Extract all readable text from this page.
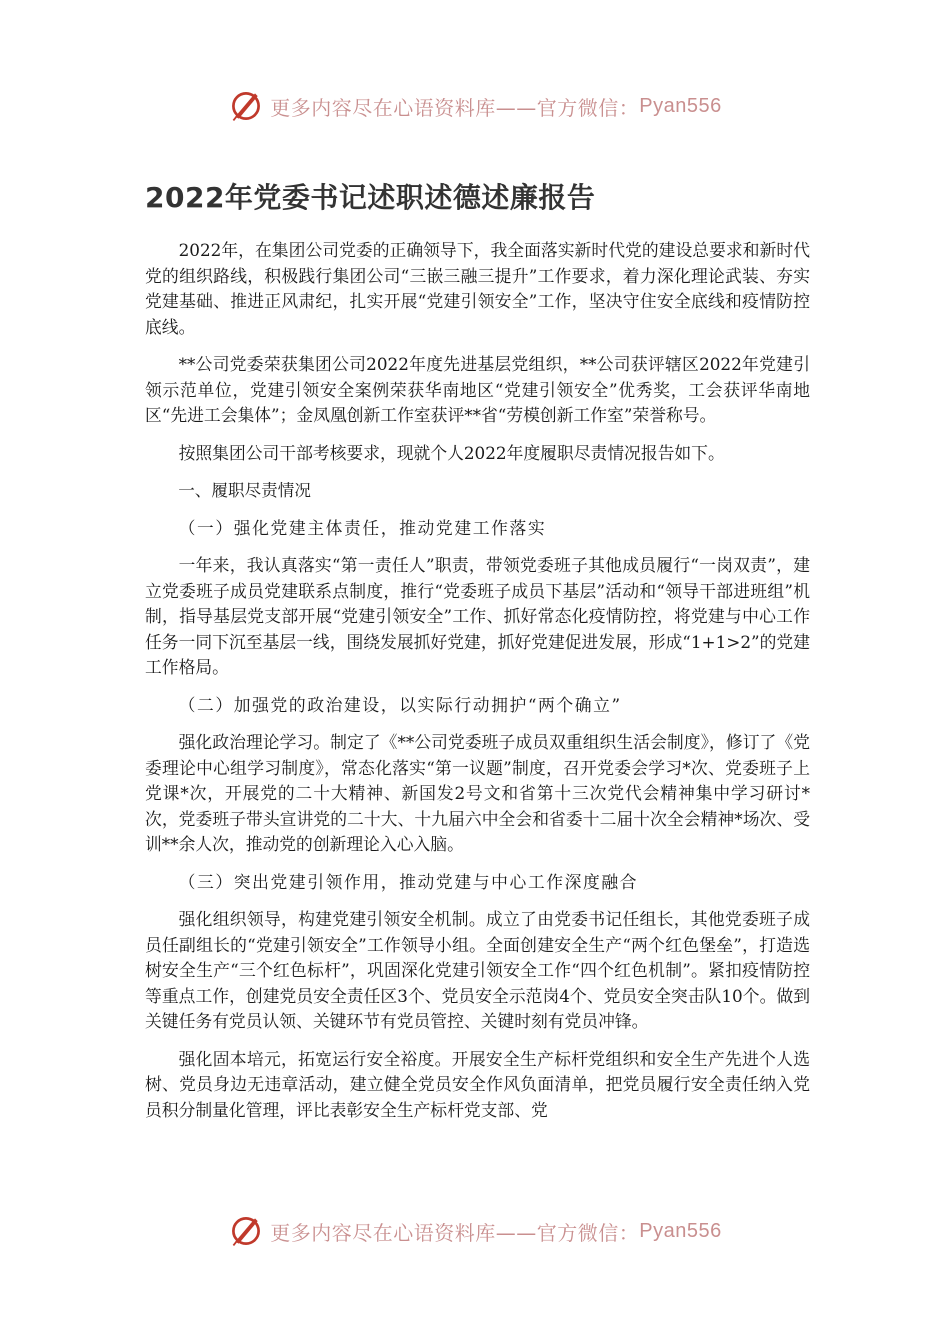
更多内容尽在心语资料库——官方微信： Pyan556
2022年党委书记述职述德述廉报告

2022年，在集团公司党委的正确领导下，我全面落实新时代党的建设总要求和新时代党的组织路线，积极践行集团公司“三嵌三融三提升”工作要求，着力深化理论武装、夯实党建基础、推进正风肃纪，扎实开展“党建引领安全”工作，坚决守住安全底线和疫情防控底线。

**公司党委荣获集团公司2022年度先进基层党组织，**公司获评辖区2022年党建引领示范单位，党建引领安全案例荣获华南地区“党建引领安全”优秀奖，工会获评华南地区“先进工会集体”；金凤凰创新工作室获评**省“劳模创新工作室”荣誉称号。

按照集团公司干部考核要求，现就个人2022年度履职尽责情况报告如下。

一、履职尽责情况

（一）强化党建主体责任，推动党建工作落实

一年来，我认真落实“第一责任人”职责，带领党委班子其他成员履行“一岗双责”，建立党委班子成员党建联系点制度，推行“党委班子成员下基层”活动和“领导干部进班组”机制，指导基层党支部开展“党建引领安全”工作、抓好常态化疫情防控，将党建与中心工作任务一同下沉至基层一线，围绕发展抓好党建，抓好党建促进发展，形成“1+1>2”的党建工作格局。

（二）加强党的政治建设，以实际行动拥护“两个确立”

强化政治理论学习。制定了《**公司党委班子成员双重组织生活会制度》，修订了《党委理论中心组学习制度》，常态化落实“第一议题”制度，召开党委会学习*次、党委班子上党课*次，开展党的二十大精神、新国发2号文和省第十三次党代会精神集中学习研讨*次，党委班子带头宣讲党的二十大、十九届六中全会和省委十二届十次全会精神*场次、受训**余人次，推动党的创新理论入心入脑。

（三）突出党建引领作用，推动党建与中心工作深度融合

强化组织领导，构建党建引领安全机制。成立了由党委书记任组长，其他党委班子成员任副组长的“党建引领安全”工作领导小组。全面创建安全生产“两个红色堡垒”，打造选树安全生产“三个红色标杆”，巩固深化党建引领安全工作“四个红色机制”。紧扣疫情防控等重点工作，创建党员安全责任区3个、党员安全示范岗4个、党员安全突击队10个。做到关键任务有党员认领、关键环节有党员管控、关键时刻有党员冲锋。

强化固本培元，拓宽运行安全裕度。开展安全生产标杆党组织和安全生产先进个人选树、党员身边无违章活动，建立健全党员安全作风负面清单，把党员履行安全责任纳入党员积分制量化管理，评比表彰安全生产标杆党支部、党

更多内容尽在心语资料库——官方微信： Pyan556
